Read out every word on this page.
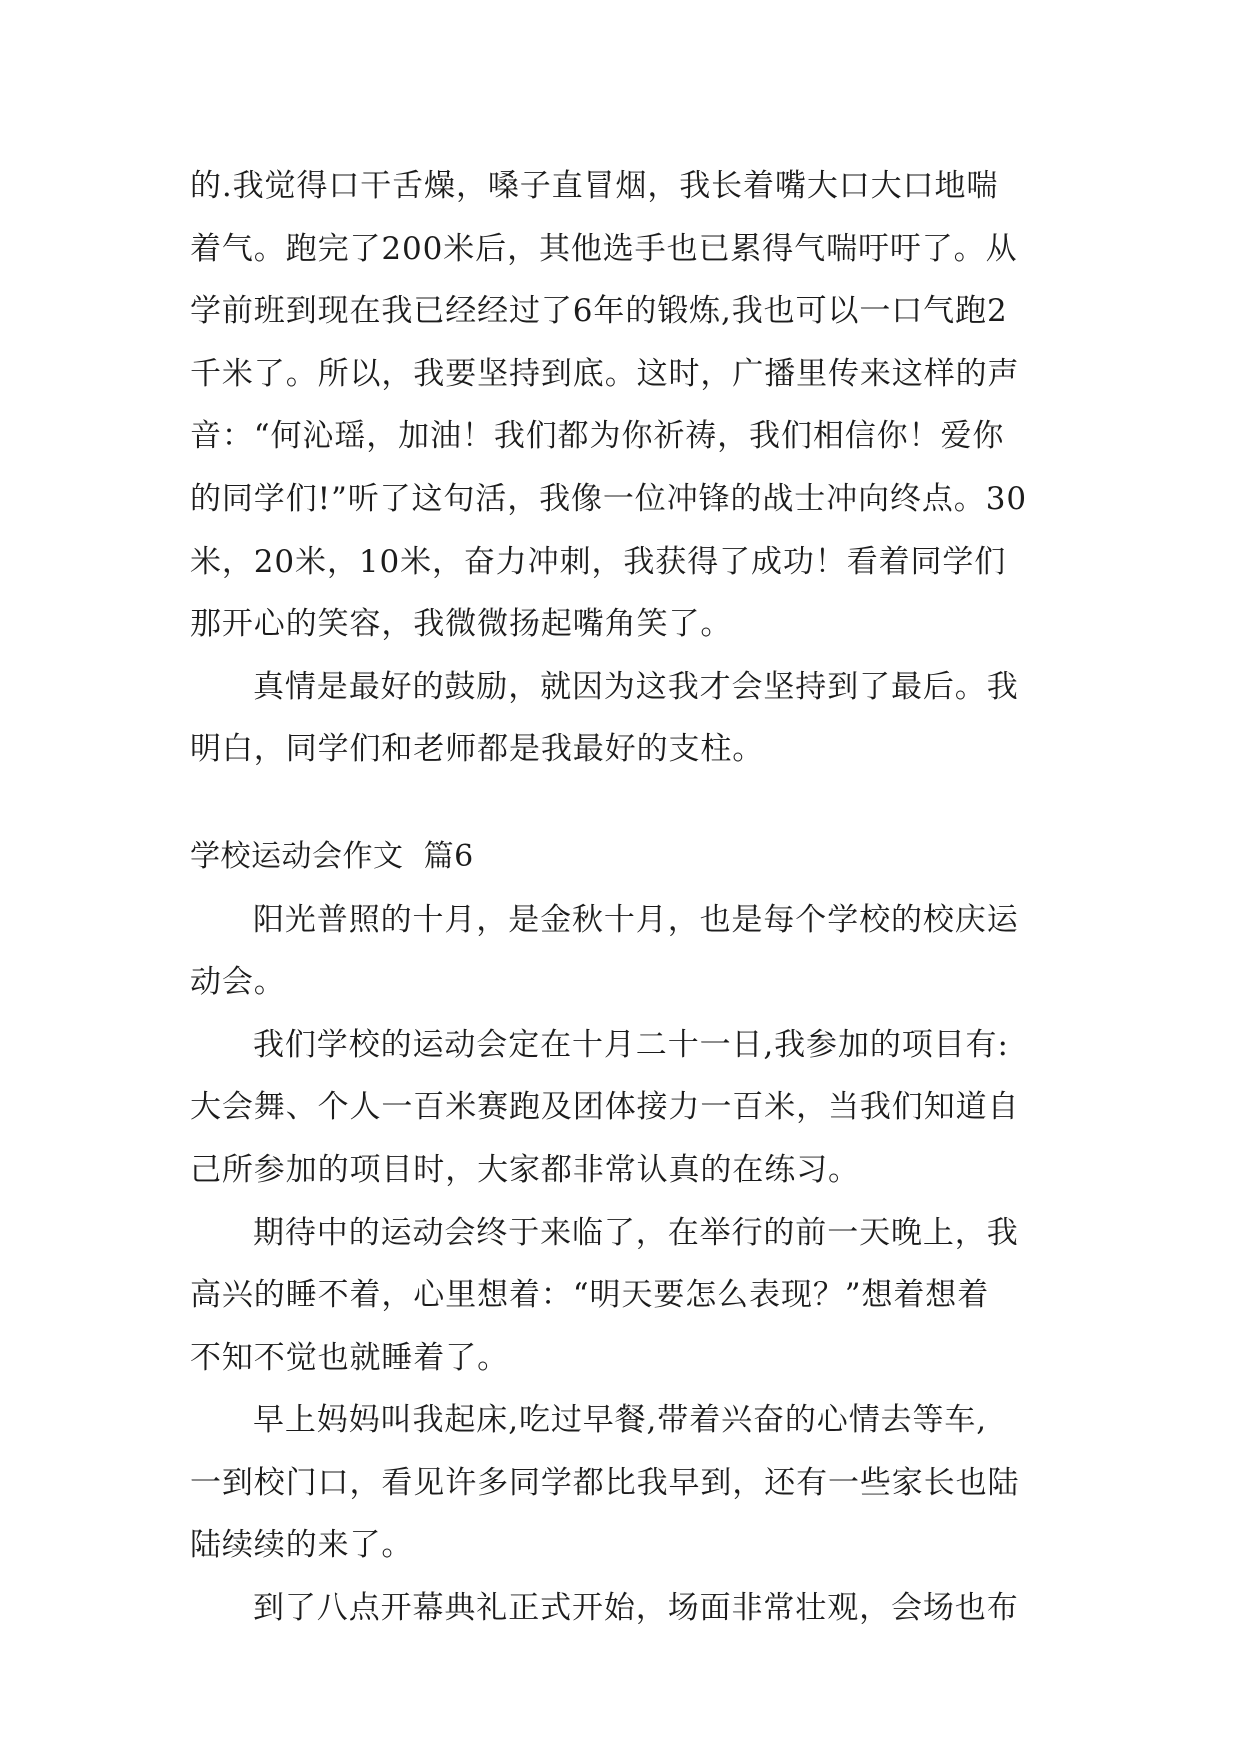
的.我觉得口干舌燥，嗓子直冒烟，我长着嘴大口大口地喘
着气。跑完了200米后，其他选手也已累得气喘吁吁了。从
学前班到现在我已经经过了6年的锻炼,我也可以一口气跑2
千米了。所以，我要坚持到底。这时，广播里传来这样的声
音：“何沁瑶，加油！我们都为你祈祷，我们相信你！爱你
的同学们!”听了这句活，我像一位冲锋的战士冲向终点。30
米，20米，10米，奋力冲刺，我获得了成功！看着同学们
那开心的笑容，我微微扬起嘴角笑了。

真情是最好的鼓励，就因为这我才会坚持到了最后。我
明白，同学们和老师都是我最好的支柱。

学校运动会作文  篇6

阳光普照的十月，是金秋十月，也是每个学校的校庆运
动会。

我们学校的运动会定在十月二十一日,我参加的项目有:
大会舞、个人一百米赛跑及团体接力一百米，当我们知道自
己所参加的项目时，大家都非常认真的在练习。

期待中的运动会终于来临了，在举行的前一天晚上，我
高兴的睡不着，心里想着：“明天要怎么表现？”想着想着
不知不觉也就睡着了。

早上妈妈叫我起床,吃过早餐,带着兴奋的心情去等车,
一到校门口，看见许多同学都比我早到，还有一些家长也陆
陆续续的来了。

到了八点开幕典礼正式开始，场面非常壮观，会场也布
